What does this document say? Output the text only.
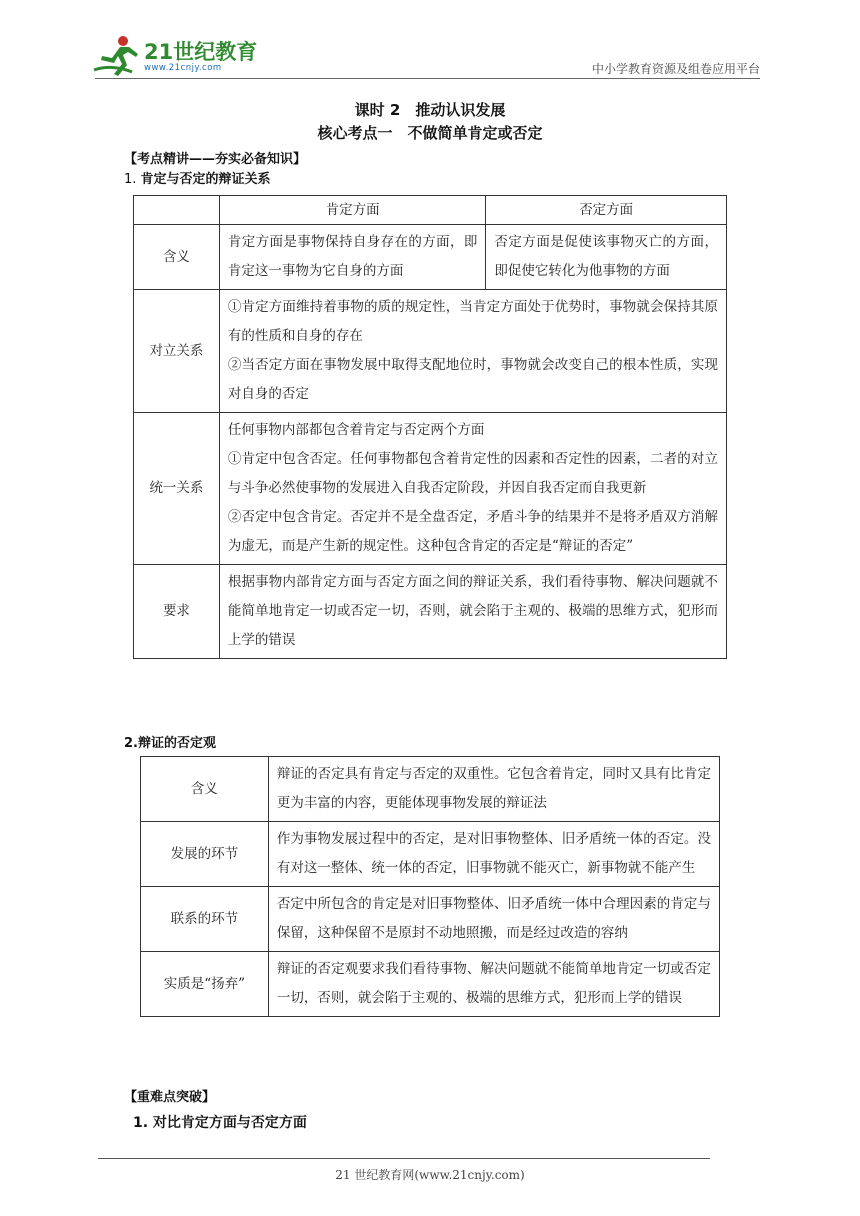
21世纪教育
www.21cnjy.com	中小学教育资源及组卷应用平台
课时 2　推动认识发展
核心考点一　不做简单肯定或否定
【考点精讲——夯实必备知识】
1. 肯定与否定的辩证关系
	肯定方面	否定方面
含义	肯定方面是事物保持自身存在的方面，即肯定这一事物为它自身的方面	否定方面是促使该事物灭亡的方面，即促使它转化为他事物的方面
对立关系	①肯定方面维持着事物的质的规定性，当肯定方面处于优势时，事物就会保持其原有的性质和自身的存在
②当否定方面在事物发展中取得支配地位时，事物就会改变自己的根本性质，实现对自身的否定	

统一关系	任何事物内部都包含着肯定与否定两个方面
①肯定中包含否定。任何事物都包含着肯定性的因素和否定性的因素，二者的对立与斗争必然使事物的发展进入自我否定阶段，并因自我否定而自我更新
②否定中包含肯定。否定并不是全盘否定，矛盾斗争的结果并不是将矛盾双方消解为虚无，而是产生新的规定性。这种包含肯定的否定是“辩证的否定”	

要求	根据事物内部肯定方面与否定方面之间的辩证关系，我们看待事物、解决问题就不能简单地肯定一切或否定一切，否则，就会陷于主观的、极端的思维方式，犯形而上学的错误	
2.辩证的否定观
含义	辩证的否定具有肯定与否定的双重性。它包含着肯定，同时又具有比肯定更为丰富的内容，更能体现事物发展的辩证法
发展的环节	作为事物发展过程中的否定，是对旧事物整体、旧矛盾统一体的否定。没有对这一整体、统一体的否定，旧事物就不能灭亡，新事物就不能产生
联系的环节	否定中所包含的肯定是对旧事物整体、旧矛盾统一体中合理因素的肯定与保留，这种保留不是原封不动地照搬，而是经过改造的容纳
实质是“扬弃”	辩证的否定观要求我们看待事物、解决问题就不能简单地肯定一切或否定一切，否则，就会陷于主观的、极端的思维方式，犯形而上学的错误
【重难点突破】
1. 对比肯定方面与否定方面
21 世纪教育网(www.21cnjy.com)
